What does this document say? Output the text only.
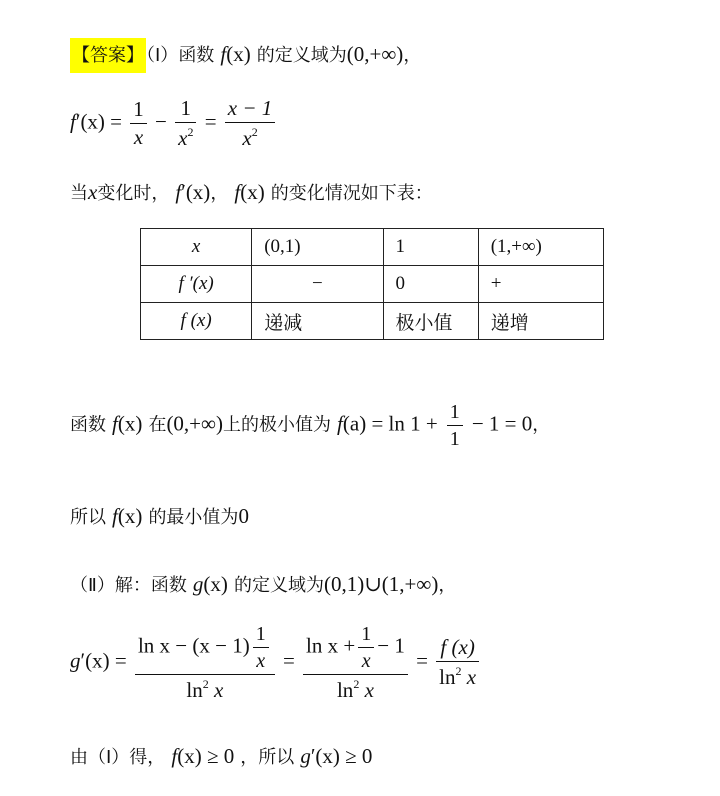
【答案】 （Ⅰ）函数 f(x) 的定义域为(0,+∞)，
$f'(x) = \frac{1}{x} - \frac{1}{x^2} = \frac{x - 1}{x^2}$
当x变化时， f′(x)， f(x) 的变化情况如下表：
x	(0,1)	1	(1,+∞)
f ′(x)	−	0	+
f (x)	递减	极小值	递增
函数 f(x) 在(0,+∞)上的极小值为 $f(a) = \ln 1 + \frac{1}{1} - 1 = 0$，
所以 f(x) 的最小值为0
（Ⅱ）解：函数 g(x) 的定义域为(0,1)∪(1,+∞)，
$g'(x) = \frac{\ln x - (x - 1) \frac{1}{x}}{\ln^2 x} = \frac{\ln x + \frac{1}{x} - 1}{\ln^2 x} = \frac{f (x)}{\ln^2 x}$
由（Ⅰ）得， f(x) ≥ 0 ，所以 g′(x) ≥ 0
